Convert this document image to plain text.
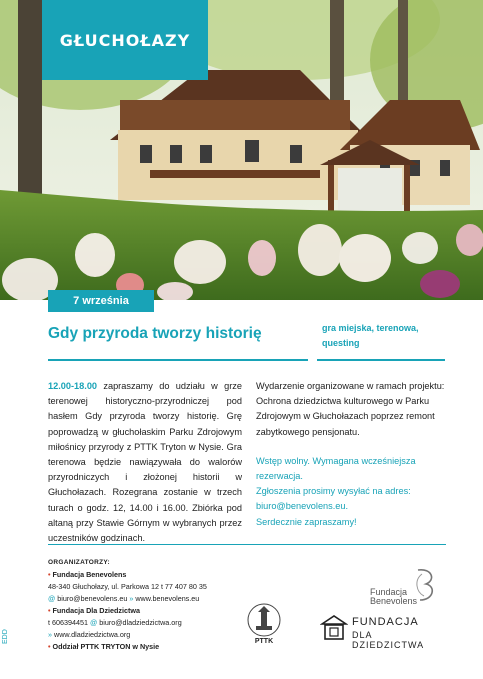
GŁUCHOŁAZY
7 września
Gdy przyroda tworzy historię	gra miejska, terenowa,
questing
12.00-18.00 zapraszamy do udziału w grze terenowej historyczno-przyrodniczej pod hasłem Gdy przyroda tworzy historię. Grę poprowadzą w głuchołaskim Parku Zdrojowym miłośnicy przyrody z PTTK Tryton w Nysie. Gra terenowa będzie nawiązywała do walorów przyrodniczych i złożonej historii w Głuchołazach. Rozegrana zostanie w trzech turach o godz. 12, 14.00 i 16.00. Zbiórka pod altaną przy Stawie Górnym w wybranych przez uczestników godzinach.
Wydarzenie organizowane w ramach projektu: Ochrona dziedzictwa kulturowego w Parku Zdrojowym w Głuchołazach poprzez remont zabytkowego pensjonatu.
Wstęp wolny. Wymagana wcześniejsza rezerwacja.
Zgłoszenia prosimy wysyłać na adres:
biuro@benevolens.eu.
Serdecznie zapraszamy!
EDD
ORGANIZATORZY:
• Fundacja Benevolens
48-340 Głuchołazy, ul. Parkowa 12 t 77 407 80 35
@ biuro@benevolens.eu » www.benevolens.eu
• Fundacja Dla Dziedzictwa
t 606394451 @ biuro@dladziedzictwa.org
» www.dladziedzictwa.org
• Oddział PTTK TRYTON w Nysie
Fundacja
Benevolens
PTTK
FUNDACJA
DLA DZIEDZICTWA
